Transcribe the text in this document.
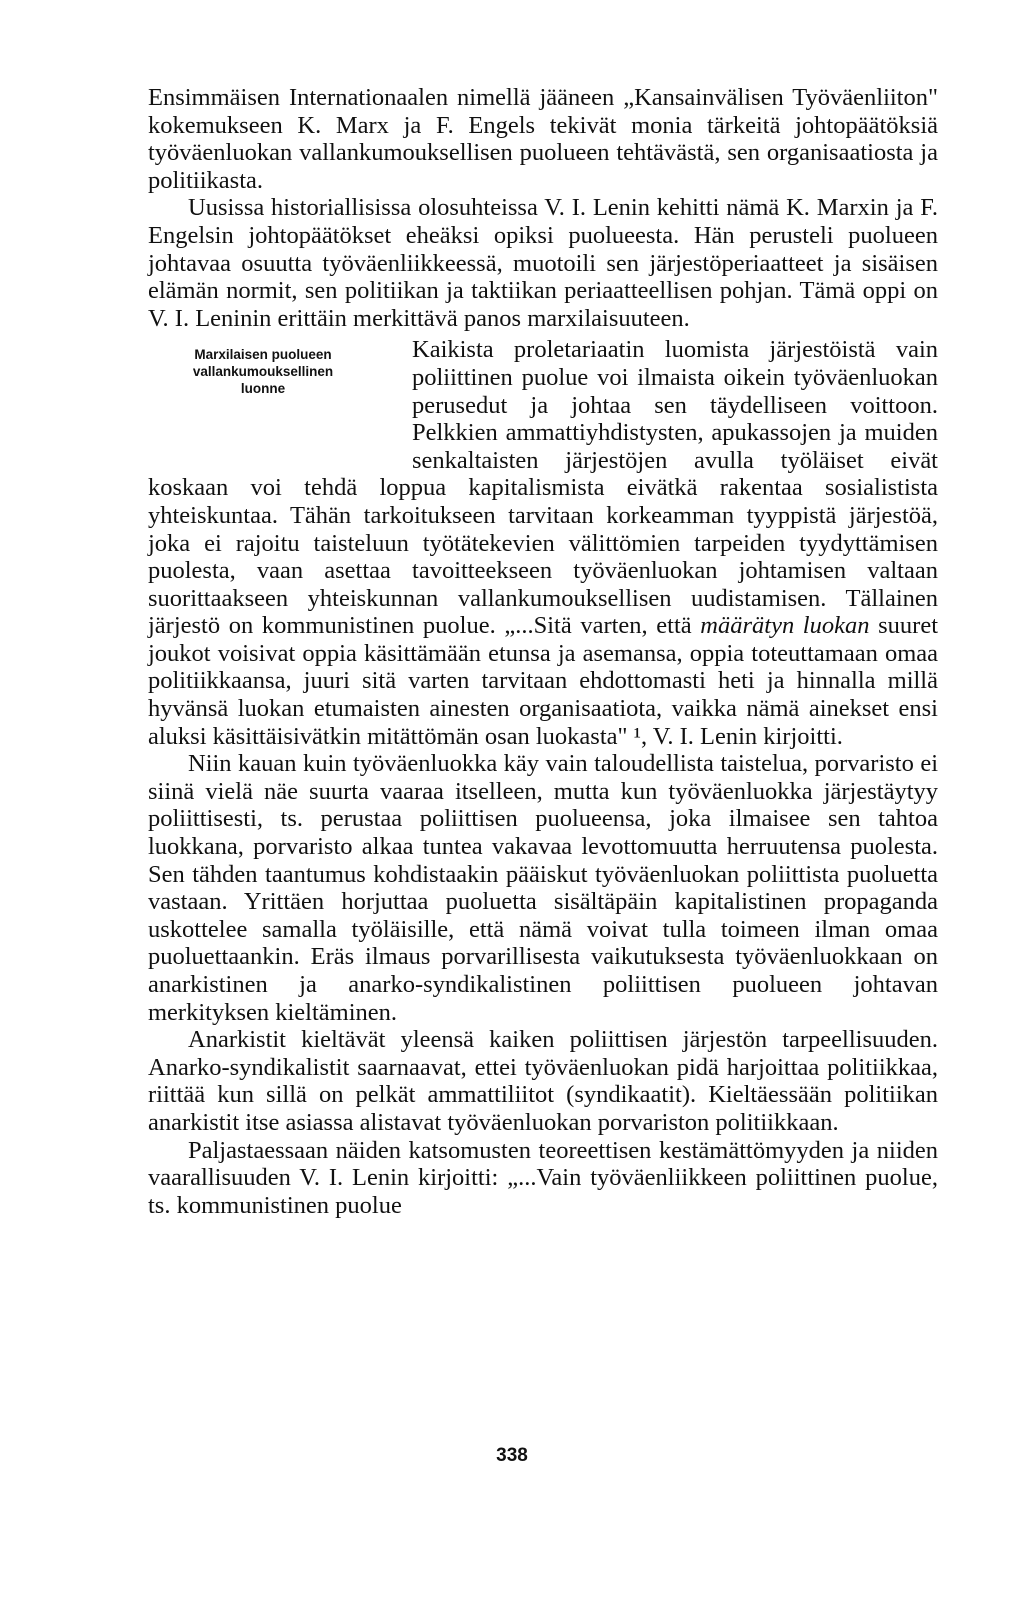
Ensimmäisen Internationaalen nimellä jääneen „Kansainvälisen Työväenliiton" kokemukseen K. Marx ja F. Engels tekivät monia tärkeitä johtopäätöksiä työväenluokan vallankumouksellisen puolueen tehtävästä, sen organisaatiosta ja politiikasta.

Uusissa historiallisissa olosuhteissa V. I. Lenin kehitti nämä K. Marxin ja F. Engelsin johtopäätökset eheäksi opiksi puolueesta. Hän perusteli puolueen johtavaa osuutta työväenliikkeessä, muotoili sen järjestöperiaatteet ja sisäisen elämän normit, sen politiikan ja taktiikan periaatteellisen pohjan. Tämä oppi on V. I. Leninin erittäin merkittävä panos marxilaisuuteen.

Marxilaisen puolueen
vallankumouksellinen
luonne
Kaikista proletariaatin luomista järjestöistä vain poliittinen puolue voi ilmaista oikein työväenluokan perusedut ja johtaa sen täydelliseen voittoon. Pelkkien ammattiyhdistysten, apukassojen ja muiden senkaltaisten järjestöjen avulla työläiset eivät koskaan voi tehdä loppua kapitalismista eivätkä rakentaa sosialistista yhteiskuntaa. Tähän tarkoitukseen tarvitaan korkeamman tyyppistä järjestöä, joka ei rajoitu taisteluun työtätekevien välittömien tarpeiden tyydyttämisen puolesta, vaan asettaa tavoitteekseen työväenluokan johtamisen valtaan suorittaakseen yhteiskunnan vallankumouksellisen uudistamisen. Tällainen järjestö on kommunistinen puolue. „...Sitä varten, että määrätyn luokan suuret joukot voisivat oppia käsittämään etunsa ja asemansa, oppia toteuttamaan omaa politiikkaansa, juuri sitä varten tarvitaan ehdottomasti heti ja hinnalla millä hyvänsä luokan etumaisten ainesten organisaatiota, vaikka nämä ainekset ensi aluksi käsittäisivätkin mitättömän osan luokasta" ¹, V. I. Lenin kirjoitti.

Niin kauan kuin työväenluokka käy vain taloudellista taistelua, porvaristo ei siinä vielä näe suurta vaaraa itselleen, mutta kun työväenluokka järjestäytyy poliittisesti, ts. perustaa poliittisen puolueensa, joka ilmaisee sen tahtoa luokkana, porvaristo alkaa tuntea vakavaa levottomuutta herruutensa puolesta. Sen tähden taantumus kohdistaakin pääiskut työväenluokan poliittista puoluetta vastaan. Yrittäen horjuttaa puoluetta sisältäpäin kapitalistinen propaganda uskottelee samalla työläisille, että nämä voivat tulla toimeen ilman omaa puoluettaankin. Eräs ilmaus porvarillisesta vaikutuksesta työväenluokkaan on anarkistinen ja anarko-syndikalistinen poliittisen puolueen johtavan merkityksen kieltäminen.

Anarkistit kieltävät yleensä kaiken poliittisen järjestön tarpeellisuuden. Anarko-syndikalistit saarnaavat, ettei työväenluokan pidä harjoittaa politiikkaa, riittää kun sillä on pelkät ammattiliitot (syndikaatit). Kieltäessään politiikan anarkistit itse asiassa alistavat työväenluokan porvariston politiikkaan.

Paljastaessaan näiden katsomusten teoreettisen kestämättömyyden ja niiden vaarallisuuden V. I. Lenin kirjoitti: „...Vain työväenliikkeen poliittinen puolue, ts. kommunistinen puolue

338
